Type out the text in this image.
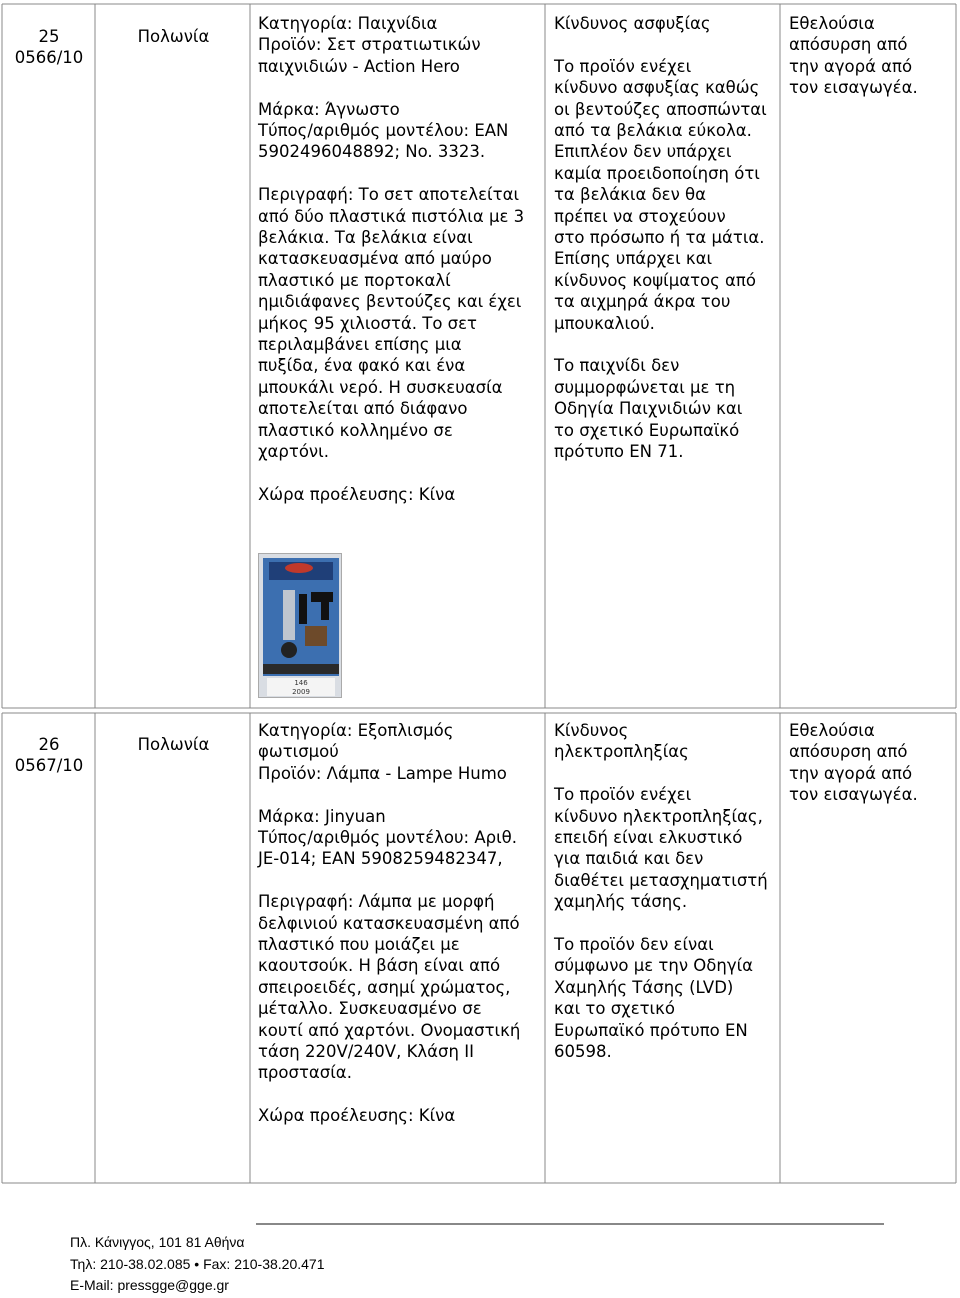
25
0566/10
Πολωνία

Κατηγορία: Παιχνίδια
Προϊόν: Σετ στρατιωτικών
παιχνιδιών - Action Hero

Μάρκα: Άγνωστο
Τύπος/αριθμός μοντέλου: EAN
5902496048892; No. 3323.

Περιγραφή: Το σετ αποτελείται
από δύο πλαστικά πιστόλια με 3
βελάκια. Τα βελάκια είναι
κατασκευασμένα από μαύρο
πλαστικό με πορτοκαλί
ημιδιάφανες βεντούζες και έχει
μήκος 95 χιλιοστά. Το σετ
περιλαμβάνει επίσης μια
πυξίδα, ένα φακό και ένα
μπουκάλι νερό. Η συσκευασία
αποτελείται από διάφανο
πλαστικό κολλημένο σε
χαρτόνι.

Χώρα προέλευσης: Κίνα

146
2009

Κίνδυνος ασφυξίας

Το προϊόν ενέχει
κίνδυνο ασφυξίας καθώς
οι βεντούζες αποσπώνται
από τα βελάκια εύκολα.
Επιπλέον δεν υπάρχει
καμία προειδοποίηση ότι
τα βελάκια δεν θα
πρέπει να στοχεύουν
στο πρόσωπο ή τα μάτια.
Επίσης υπάρχει και
κίνδυνος κοψίματος από
τα αιχμηρά άκρα του
μπουκαλιού.

Το παιχνίδι δεν
συμμορφώνεται με τη
Οδηγία Παιχνιδιών και
το σχετικό Ευρωπαϊκό
πρότυπο EN 71.

Εθελούσια
απόσυρση από
την αγορά από
τον εισαγωγέα.
26
0567/10
Πολωνία

Κατηγορία: Εξοπλισμός
φωτισμού
Προϊόν: Λάμπα - Lampe Humo

Μάρκα: Jinyuan
Τύπος/αριθμός μοντέλου: Αριθ.
JE-014; EAN 5908259482347,

Περιγραφή: Λάμπα με μορφή
δελφινιού κατασκευασμένη από
πλαστικό που μοιάζει με
καουτσούκ. Η βάση είναι από
σπειροειδές, ασημί χρώματος,
μέταλλο. Συσκευασμένο σε
κουτί από χαρτόνι. Ονομαστική
τάση 220V/240V, Κλάση II
προστασία.

Χώρα προέλευσης: Κίνα

Κίνδυνος
ηλεκτροπληξίας

Το προϊόν ενέχει
κίνδυνο ηλεκτροπληξίας,
επειδή είναι ελκυστικό
για παιδιά και δεν
διαθέτει μετασχηματιστή
χαμηλής τάσης.

Το προϊόν δεν είναι
σύμφωνο με την Οδηγία
Χαμηλής Τάσης (LVD)
και το σχετικό
Ευρωπαϊκό πρότυπο EN
60598.

Εθελούσια
απόσυρση από
την αγορά από
τον εισαγωγέα.
Πλ. Κάνιγγος, 101 81 Αθήνα
Τηλ: 210-38.02.085 • Fax: 210-38.20.471
E-Mail: pressgge@gge.gr
